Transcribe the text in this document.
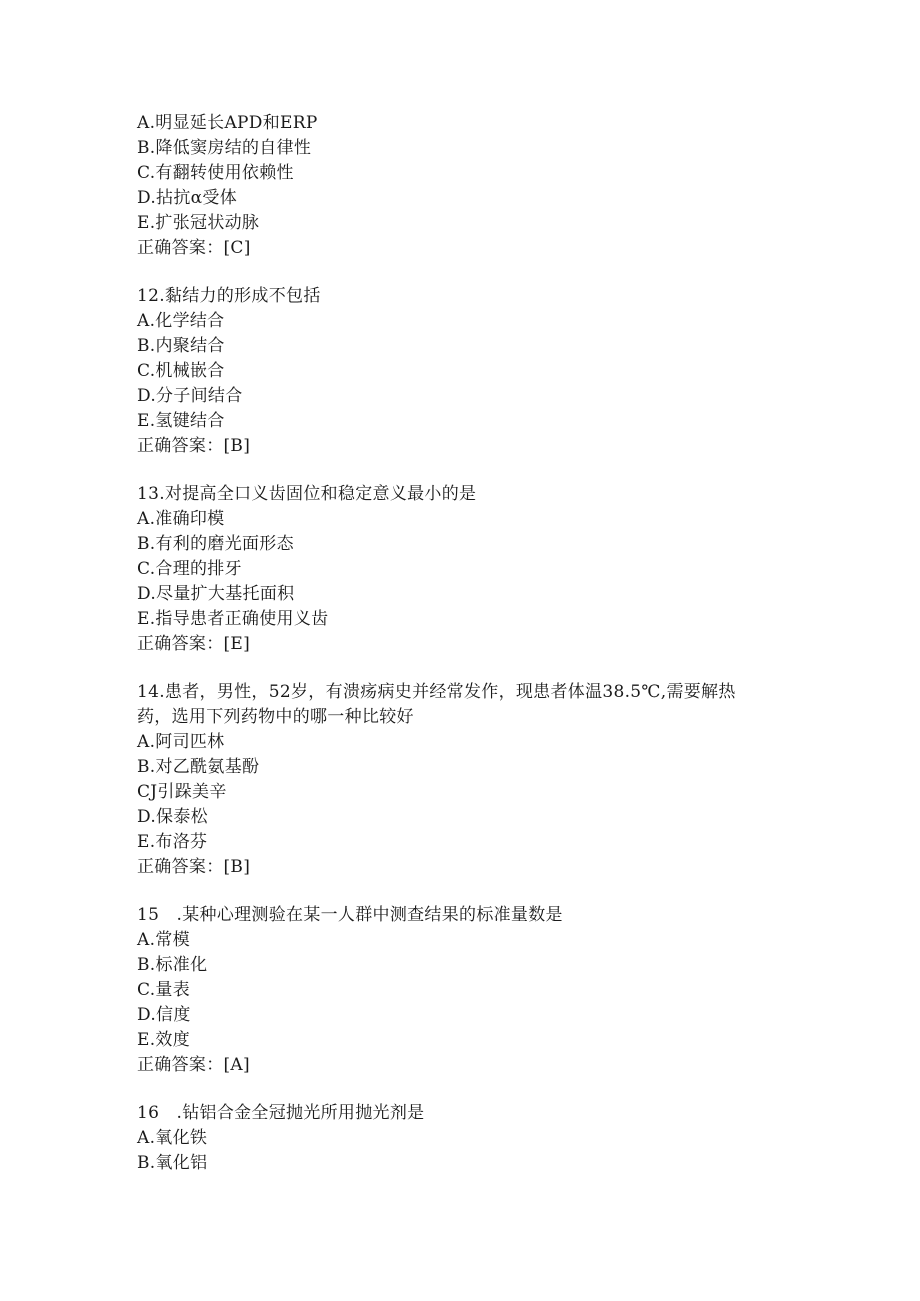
A.明显延长APD和ERP
B.降低窦房结的自律性
C.有翻转使用依赖性
D.拈抗α受体
E.扩张冠状动脉
正确答案：[C]
12.黏结力的形成不包括
A.化学结合
B.内聚结合
C.机械嵌合
D.分子间结合
E.氢键结合
正确答案：[B]
13.对提高全口义齿固位和稳定意义最小的是
A.准确印模
B.有利的磨光面形态
C.合理的排牙
D.尽量扩大基托面积
E.指导患者正确使用义齿
正确答案：[E]
14.患者，男性，52岁，有溃疡病史并经常发作，现患者体温38.5℃,需要解热
药，选用下列药物中的哪一种比较好
A.阿司匹林
B.对乙酰氨基酚
CJ引跺美辛
D.保泰松
E.布洛芬
正确答案：[B]
15　.某种心理测验在某一人群中测查结果的标准量数是
A.常模
B.标准化
C.量表
D.信度
E.效度
正确答案：[A]
16　.钻铝合金全冠抛光所用抛光剂是
A.氧化铁
B.氧化铝
